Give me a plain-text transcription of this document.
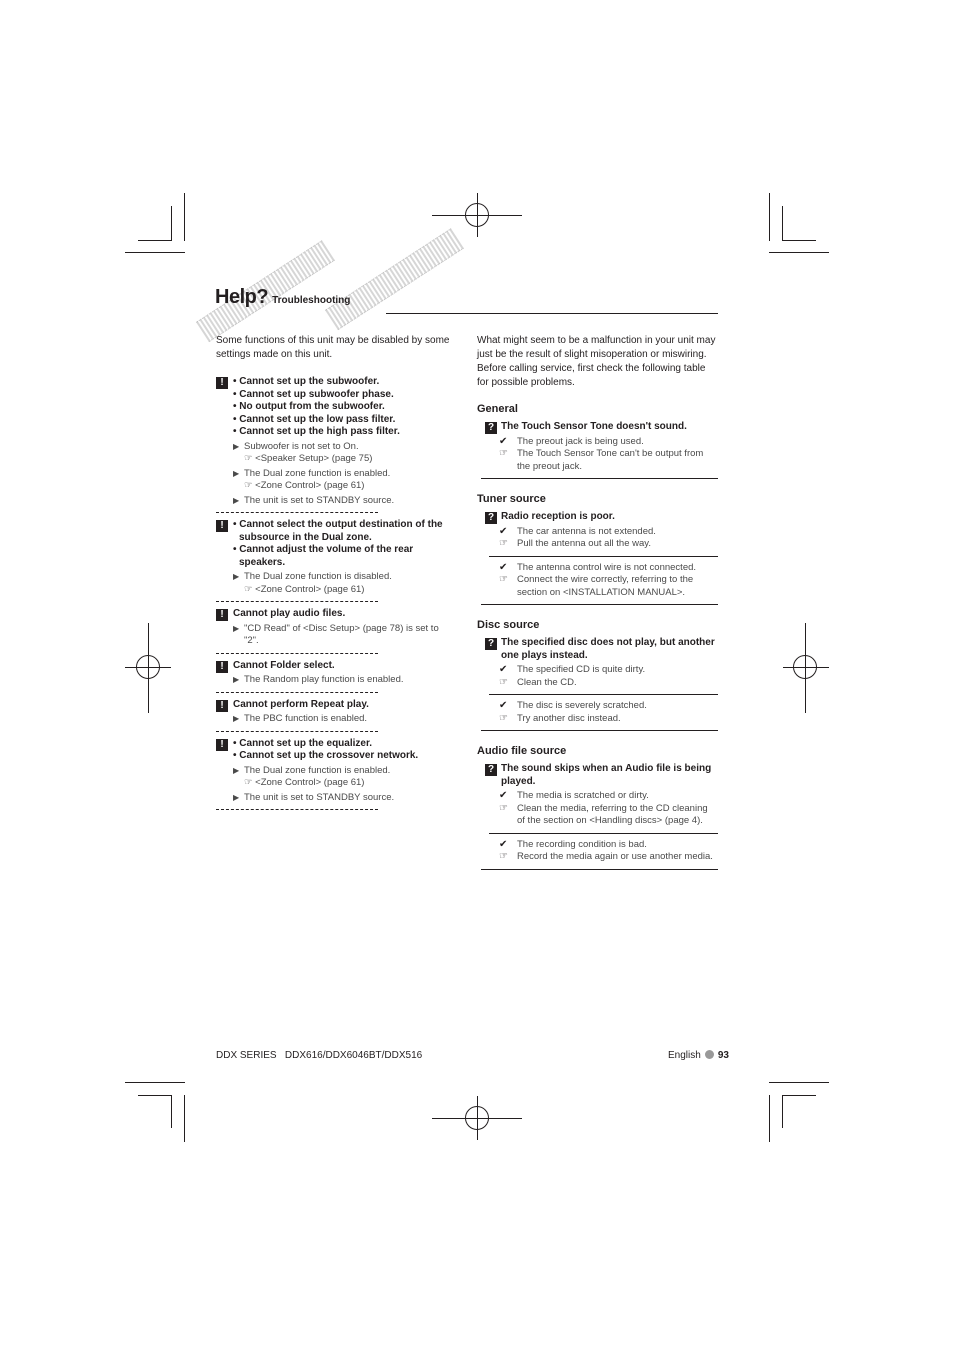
Help? Troubleshooting

Some functions of this unit may be disabled by some settings made on this unit.

! • Cannot set up the subwoofer.
• Cannot set up subwoofer phase.
• No output from the subwoofer.
• Cannot set up the low pass filter.
• Cannot set up the high pass filter.
▶ Subwoofer is not set to On.
☞ <Speaker Setup> (page 75)
▶ The Dual zone function is enabled.
☞ <Zone Control> (page 61)
▶ The unit is set to STANDBY source.
! • Cannot select the output destination of the subsource in the Dual zone.
• Cannot adjust the volume of the rear speakers.
▶ The Dual zone function is disabled.
☞ <Zone Control> (page 61)
! Cannot play audio files.
▶ "CD Read" of <Disc Setup> (page 78) is set to "2".
! Cannot Folder select.
▶ The Random play function is enabled.
! Cannot perform Repeat play.
▶ The PBC function is enabled.
! • Cannot set up the equalizer.
• Cannot set up the crossover network.
▶ The Dual zone function is enabled.
☞ <Zone Control> (page 61)
▶ The unit is set to STANDBY source.

What might seem to be a malfunction in your unit may just be the result of slight misoperation or miswiring. Before calling service, first check the following table for possible problems.

General
? The Touch Sensor Tone doesn't sound.
✔ The preout jack is being used.
☞ The Touch Sensor Tone can't be output from the preout jack.
Tuner source
? Radio reception is poor.
✔ The car antenna is not extended.
☞ Pull the antenna out all the way.
✔ The antenna control wire is not connected.
☞ Connect the wire correctly, referring to the section on <INSTALLATION MANUAL>.
Disc source
? The specified disc does not play, but another one plays instead.
✔ The specified CD is quite dirty.
☞ Clean the CD.
✔ The disc is severely scratched.
☞ Try another disc instead.
Audio file source
? The sound skips when an Audio file is being played.
✔ The media is scratched or dirty.
☞ Clean the media, referring to the CD cleaning of the section on <Handling discs> (page 4).
✔ The recording condition is bad.
☞ Record the media again or use another media.
DDX SERIES   DDX616/DDX6046BT/DDX516	English 93
